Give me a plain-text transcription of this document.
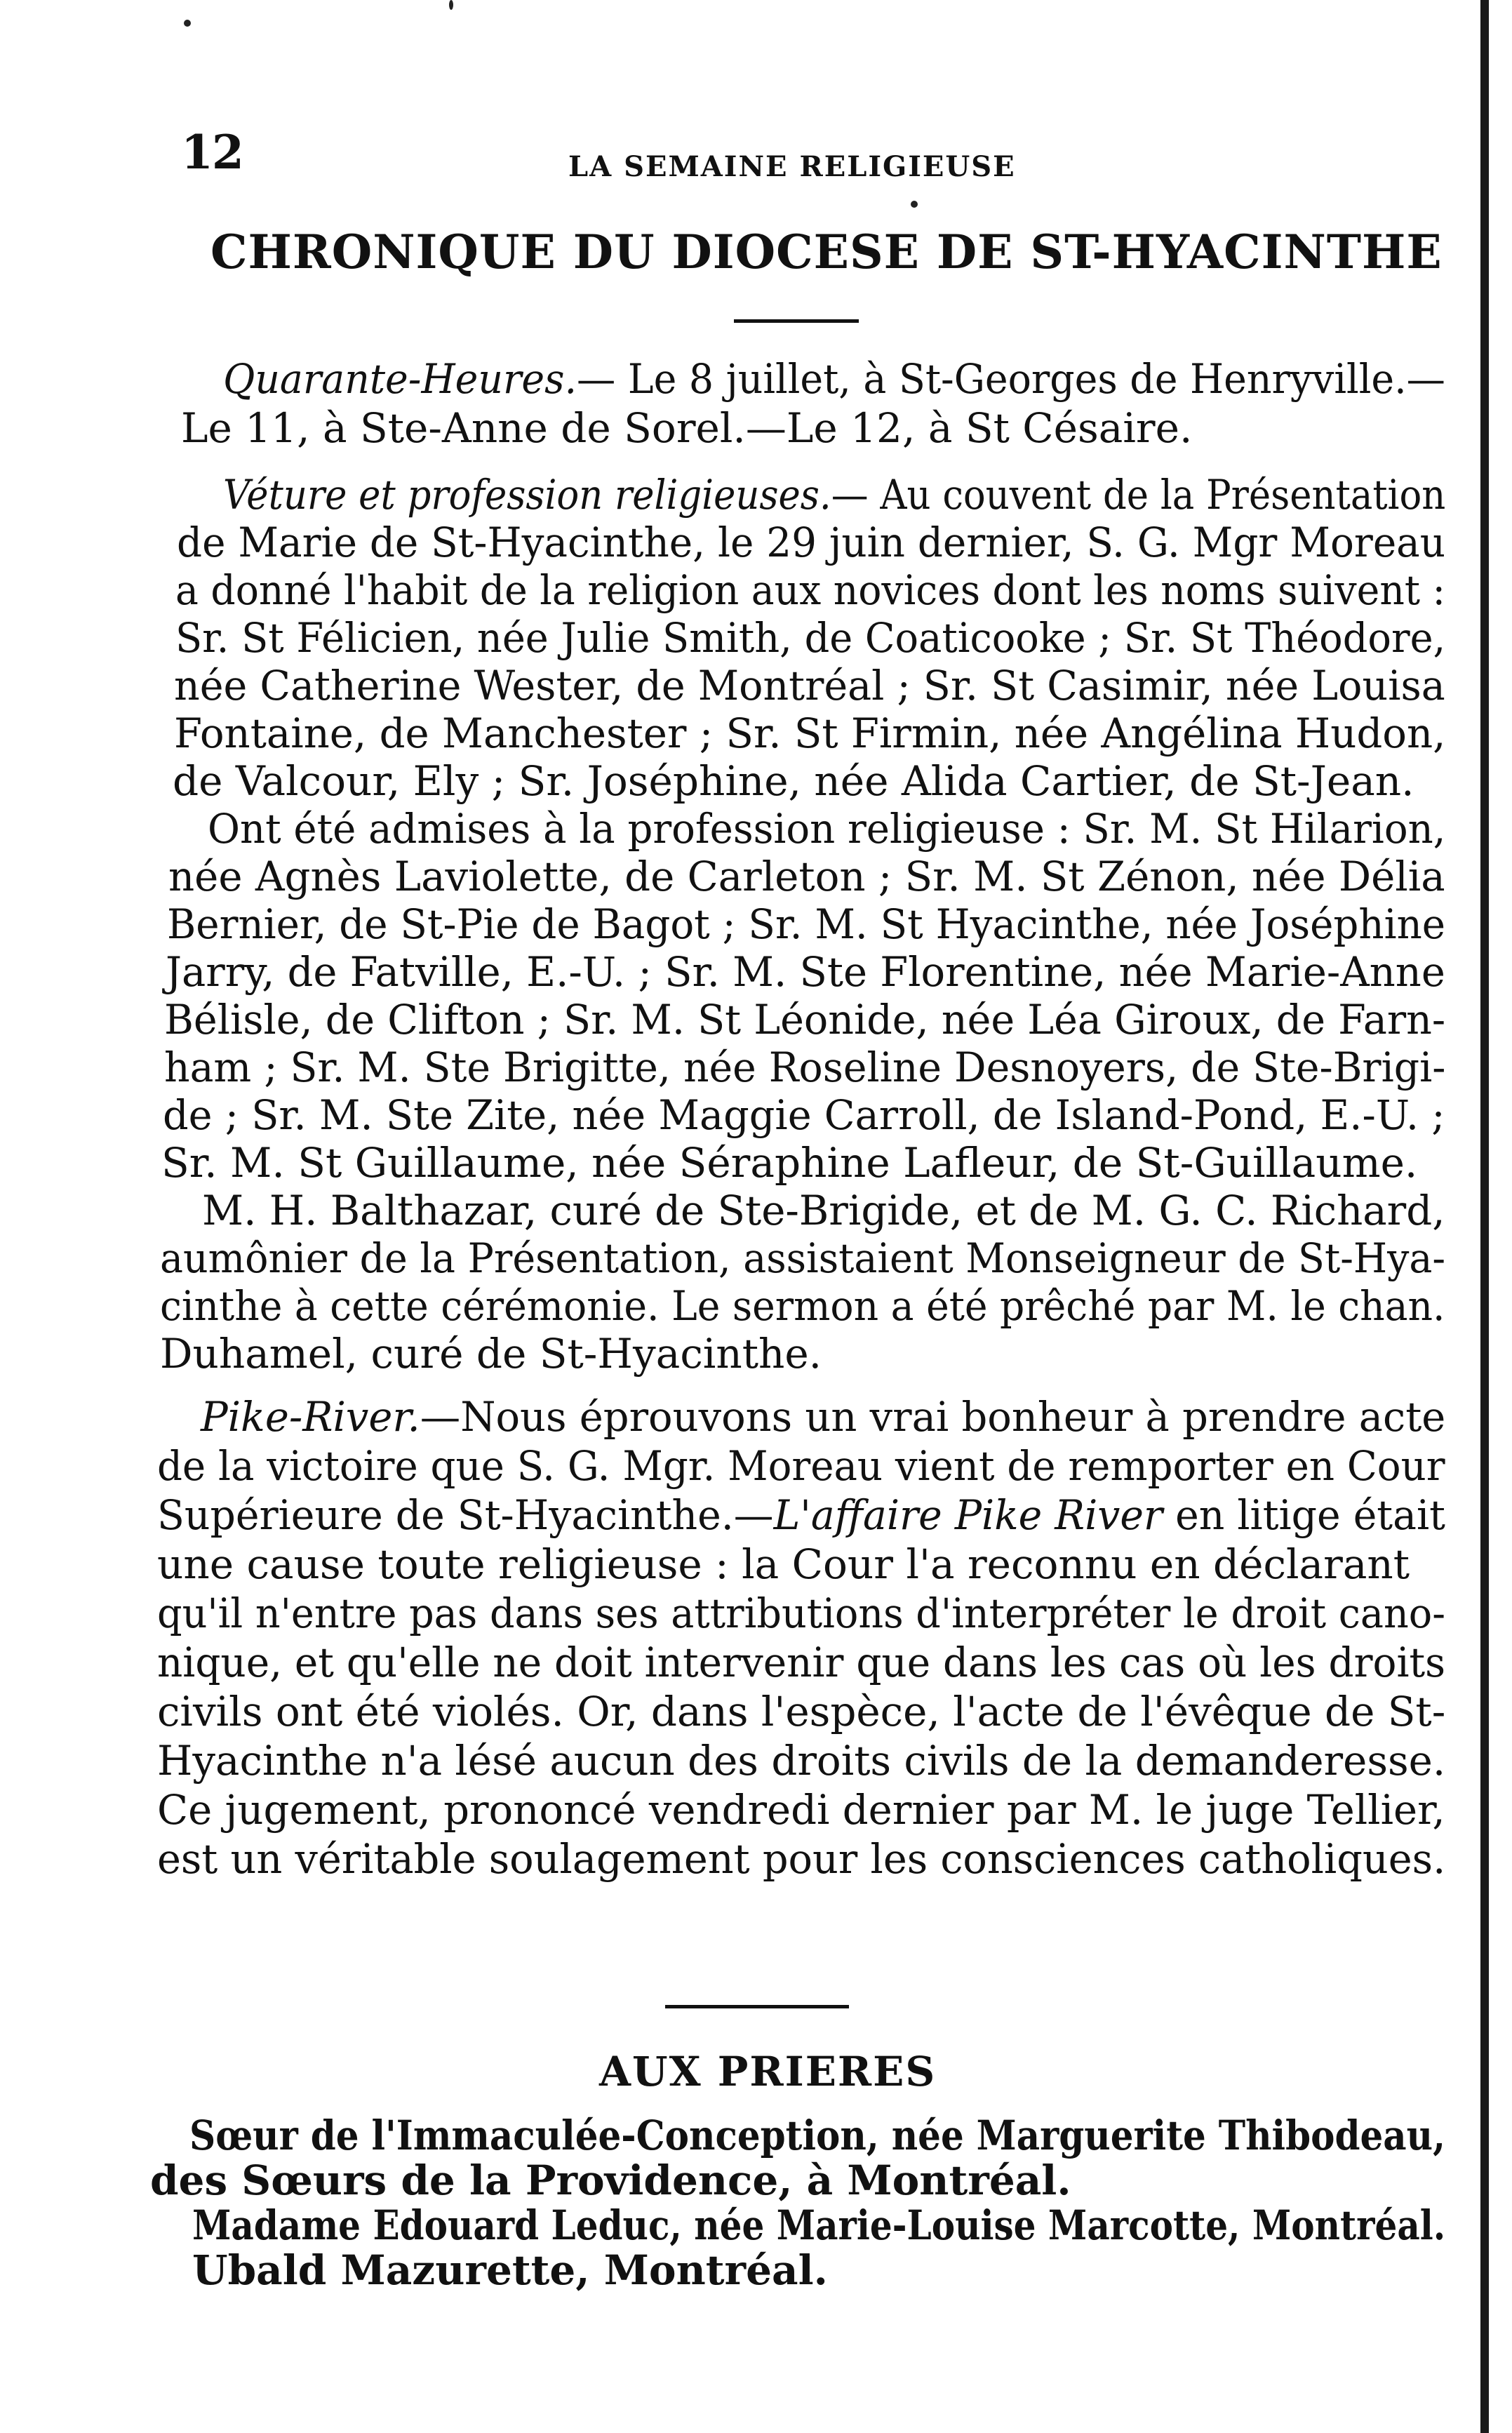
12	LA SEMAINE RELIGIEUSE
CHRONIQUE DU DIOCESE DE ST-HYACINTHE
Quarante-Heures.— Le 8 juillet, à St-Georges de Henryville.—
Le 11, à Ste-Anne de Sorel.—Le 12, à St Césaire.
Véture et profession religieuses.— Au couvent de la Présentation
de Marie de St-Hyacinthe, le 29 juin dernier, S. G. Mgr Moreau
a donné l'habit de la religion aux novices dont les noms suivent :
Sr. St Félicien, née Julie Smith, de Coaticooke ; Sr. St Théodore,
née Catherine Wester, de Montréal ; Sr. St Casimir, née Louisa
Fontaine, de Manchester ; Sr. St Firmin, née Angélina Hudon,
de Valcour, Ely ; Sr. Joséphine, née Alida Cartier, de St-Jean.
Ont été admises à la profession religieuse : Sr. M. St Hilarion,
née Agnès Laviolette, de Carleton ; Sr. M. St Zénon, née Délia
Bernier, de St-Pie de Bagot ; Sr. M. St Hyacinthe, née Joséphine
Jarry, de Fatville, E.-U. ; Sr. M. Ste Florentine, née Marie-Anne
Bélisle, de Clifton ; Sr. M. St Léonide, née Léa Giroux, de Farn-
ham ; Sr. M. Ste Brigitte, née Roseline Desnoyers, de Ste-Brigi-
de ; Sr. M. Ste Zite, née Maggie Carroll, de Island-Pond, E.-U. ;
Sr. M. St Guillaume, née Séraphine Lafleur, de St-Guillaume.
M. H. Balthazar, curé de Ste-Brigide, et de M. G. C. Richard,
aumônier de la Présentation, assistaient Monseigneur de St-Hya-
cinthe à cette cérémonie. Le sermon a été prêché par M. le chan.
Duhamel, curé de St-Hyacinthe.
Pike-River.—Nous éprouvons un vrai bonheur à prendre acte
de la victoire que S. G. Mgr. Moreau vient de remporter en Cour
Supérieure de St-Hyacinthe.—L'affaire Pike River en litige était
une cause toute religieuse : la Cour l'a reconnu en déclarant
qu'il n'entre pas dans ses attributions d'interpréter le droit cano-
nique, et qu'elle ne doit intervenir que dans les cas où les droits
civils ont été violés. Or, dans l'espèce, l'acte de l'évêque de St-
Hyacinthe n'a lésé aucun des droits civils de la demanderesse.
Ce jugement, prononcé vendredi dernier par M. le juge Tellier,
est un véritable soulagement pour les consciences catholiques.
AUX PRIERES
Sœur de l'Immaculée-Conception, née Marguerite Thibodeau,
des Sœurs de la Providence, à Montréal.
Madame Edouard Leduc, née Marie-Louise Marcotte, Montréal.
Ubald Mazurette, Montréal.
